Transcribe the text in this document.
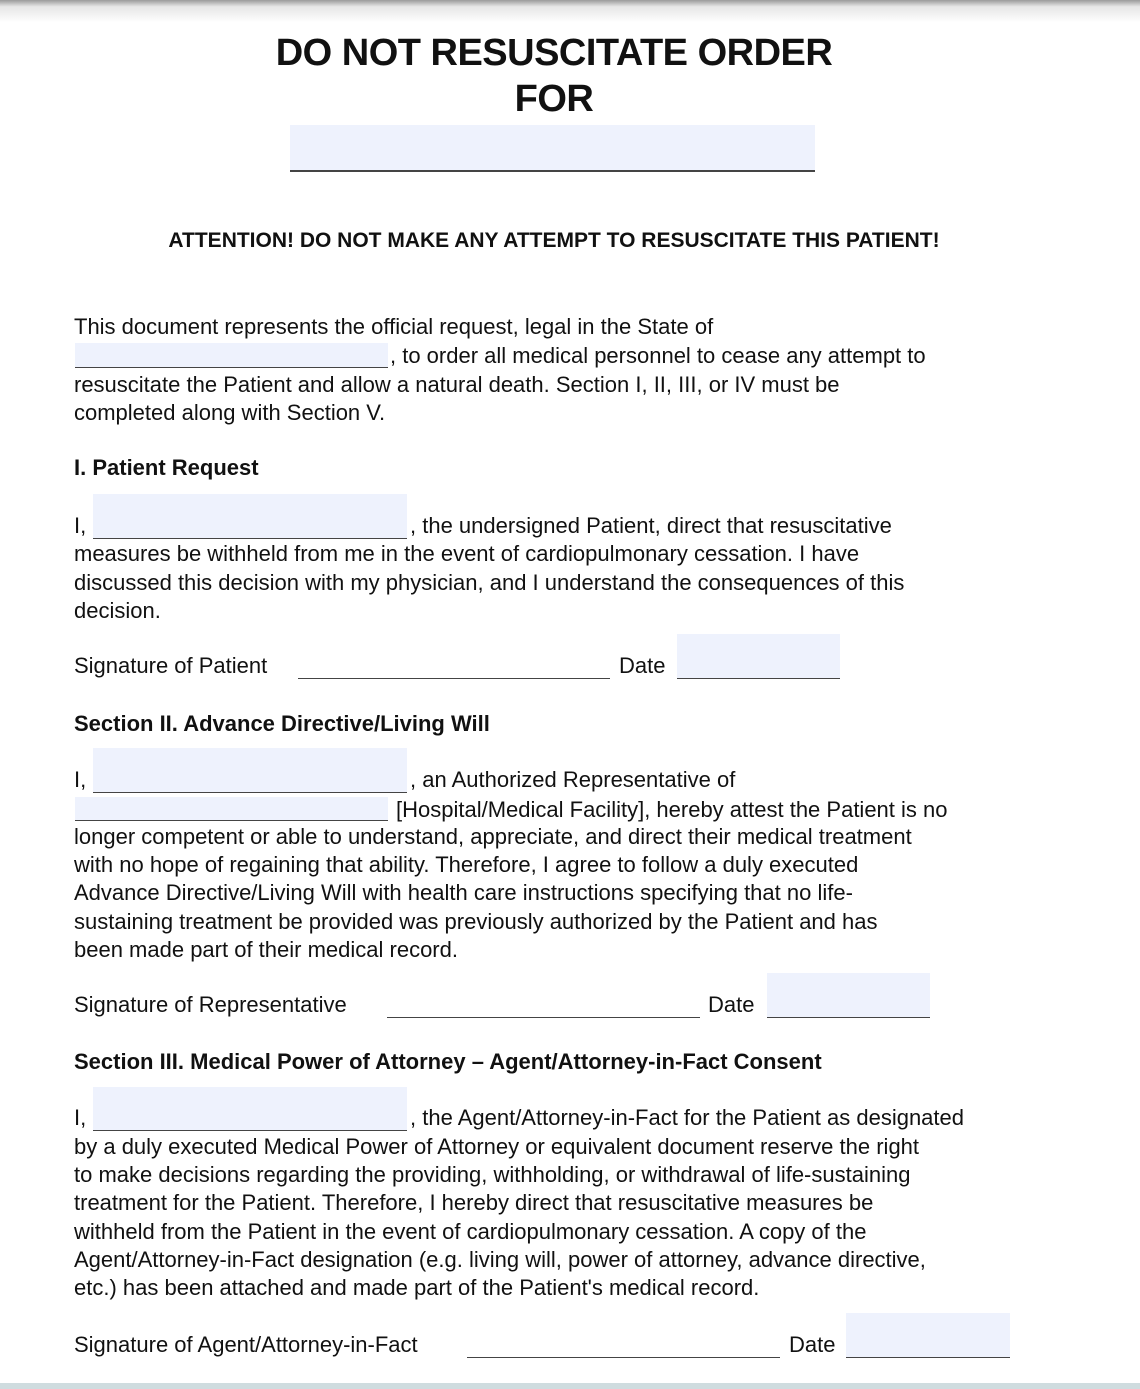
DO NOT RESUSCITATE ORDER
FOR
ATTENTION! DO NOT MAKE ANY ATTEMPT TO RESUSCITATE THIS PATIENT!
This document represents the official request, legal in the State of
, to order all medical personnel to cease any attempt to
resuscitate the Patient and allow a natural death. Section I, II, III, or IV must be
completed along with Section V.
I. Patient Request
I,	, the undersigned Patient, direct that resuscitative
measures be withheld from me in the event of cardiopulmonary cessation. I have
discussed this decision with my physician, and I understand the consequences of this
decision.
Signature of Patient	Date
Section II. Advance Directive/Living Will
I,	, an Authorized Representative of
[Hospital/Medical Facility], hereby attest the Patient is no
longer competent or able to understand, appreciate, and direct their medical treatment
with no hope of regaining that ability. Therefore, I agree to follow a duly executed
Advance Directive/Living Will with health care instructions specifying that no life-
sustaining treatment be provided was previously authorized by the Patient and has
been made part of their medical record.
Signature of Representative	Date
Section III. Medical Power of Attorney – Agent/Attorney-in-Fact Consent
I,	, the Agent/Attorney-in-Fact for the Patient as designated
by a duly executed Medical Power of Attorney or equivalent document reserve the right
to make decisions regarding the providing, withholding, or withdrawal of life-sustaining
treatment for the Patient. Therefore, I hereby direct that resuscitative measures be
withheld from the Patient in the event of cardiopulmonary cessation. A copy of the
Agent/Attorney-in-Fact designation (e.g. living will, power of attorney, advance directive,
etc.) has been attached and made part of the Patient's medical record.
Signature of Agent/Attorney-in-Fact	Date
